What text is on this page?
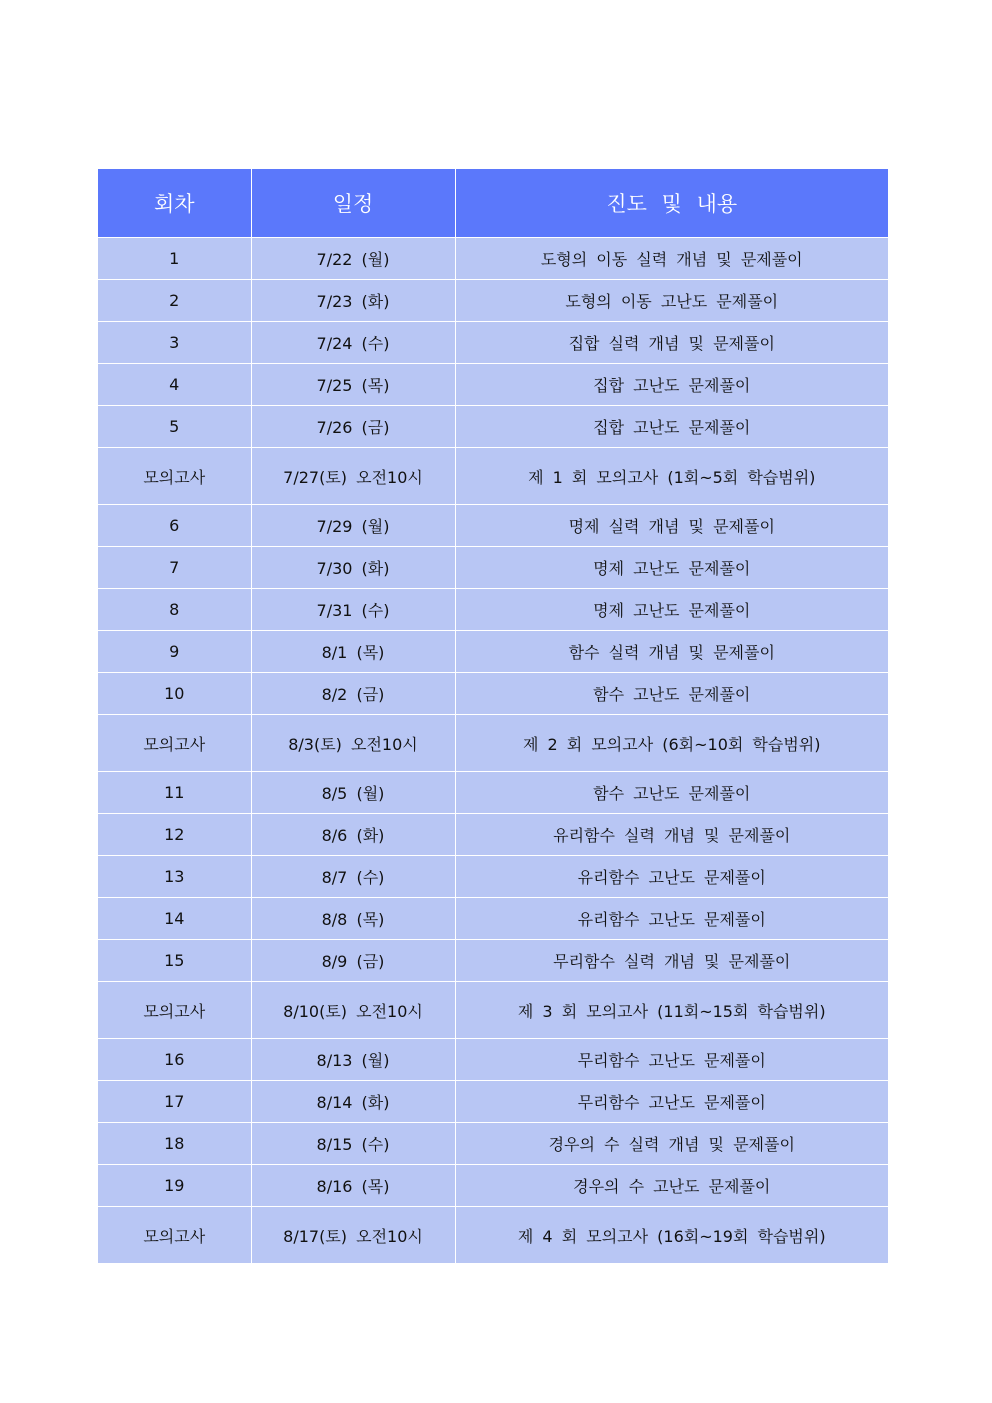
회차	일정	진도 및 내용
1	7/22 (월)	도형의 이동 실력 개념 및 문제풀이
2	7/23 (화)	도형의 이동 고난도 문제풀이
3	7/24 (수)	집합 실력 개념 및 문제풀이
4	7/25 (목)	집합 고난도 문제풀이
5	7/26 (금)	집합 고난도 문제풀이
모의고사	7/27(토) 오전10시	제 1 회 모의고사 (1회~5회 학습범위)
6	7/29 (월)	명제 실력 개념 및 문제풀이
7	7/30 (화)	명제 고난도 문제풀이
8	7/31 (수)	명제 고난도 문제풀이
9	8/1 (목)	함수 실력 개념 및 문제풀이
10	8/2 (금)	함수 고난도 문제풀이
모의고사	8/3(토) 오전10시	제 2 회 모의고사 (6회~10회 학습범위)
11	8/5 (월)	함수 고난도 문제풀이
12	8/6 (화)	유리함수 실력 개념 및 문제풀이
13	8/7 (수)	유리함수 고난도 문제풀이
14	8/8 (목)	유리함수 고난도 문제풀이
15	8/9 (금)	무리함수 실력 개념 및 문제풀이
모의고사	8/10(토) 오전10시	제 3 회 모의고사 (11회~15회 학습범위)
16	8/13 (월)	무리함수 고난도 문제풀이
17	8/14 (화)	무리함수 고난도 문제풀이
18	8/15 (수)	경우의 수 실력 개념 및 문제풀이
19	8/16 (목)	경우의 수 고난도 문제풀이
모의고사	8/17(토) 오전10시	제 4 회 모의고사 (16회~19회 학습범위)
